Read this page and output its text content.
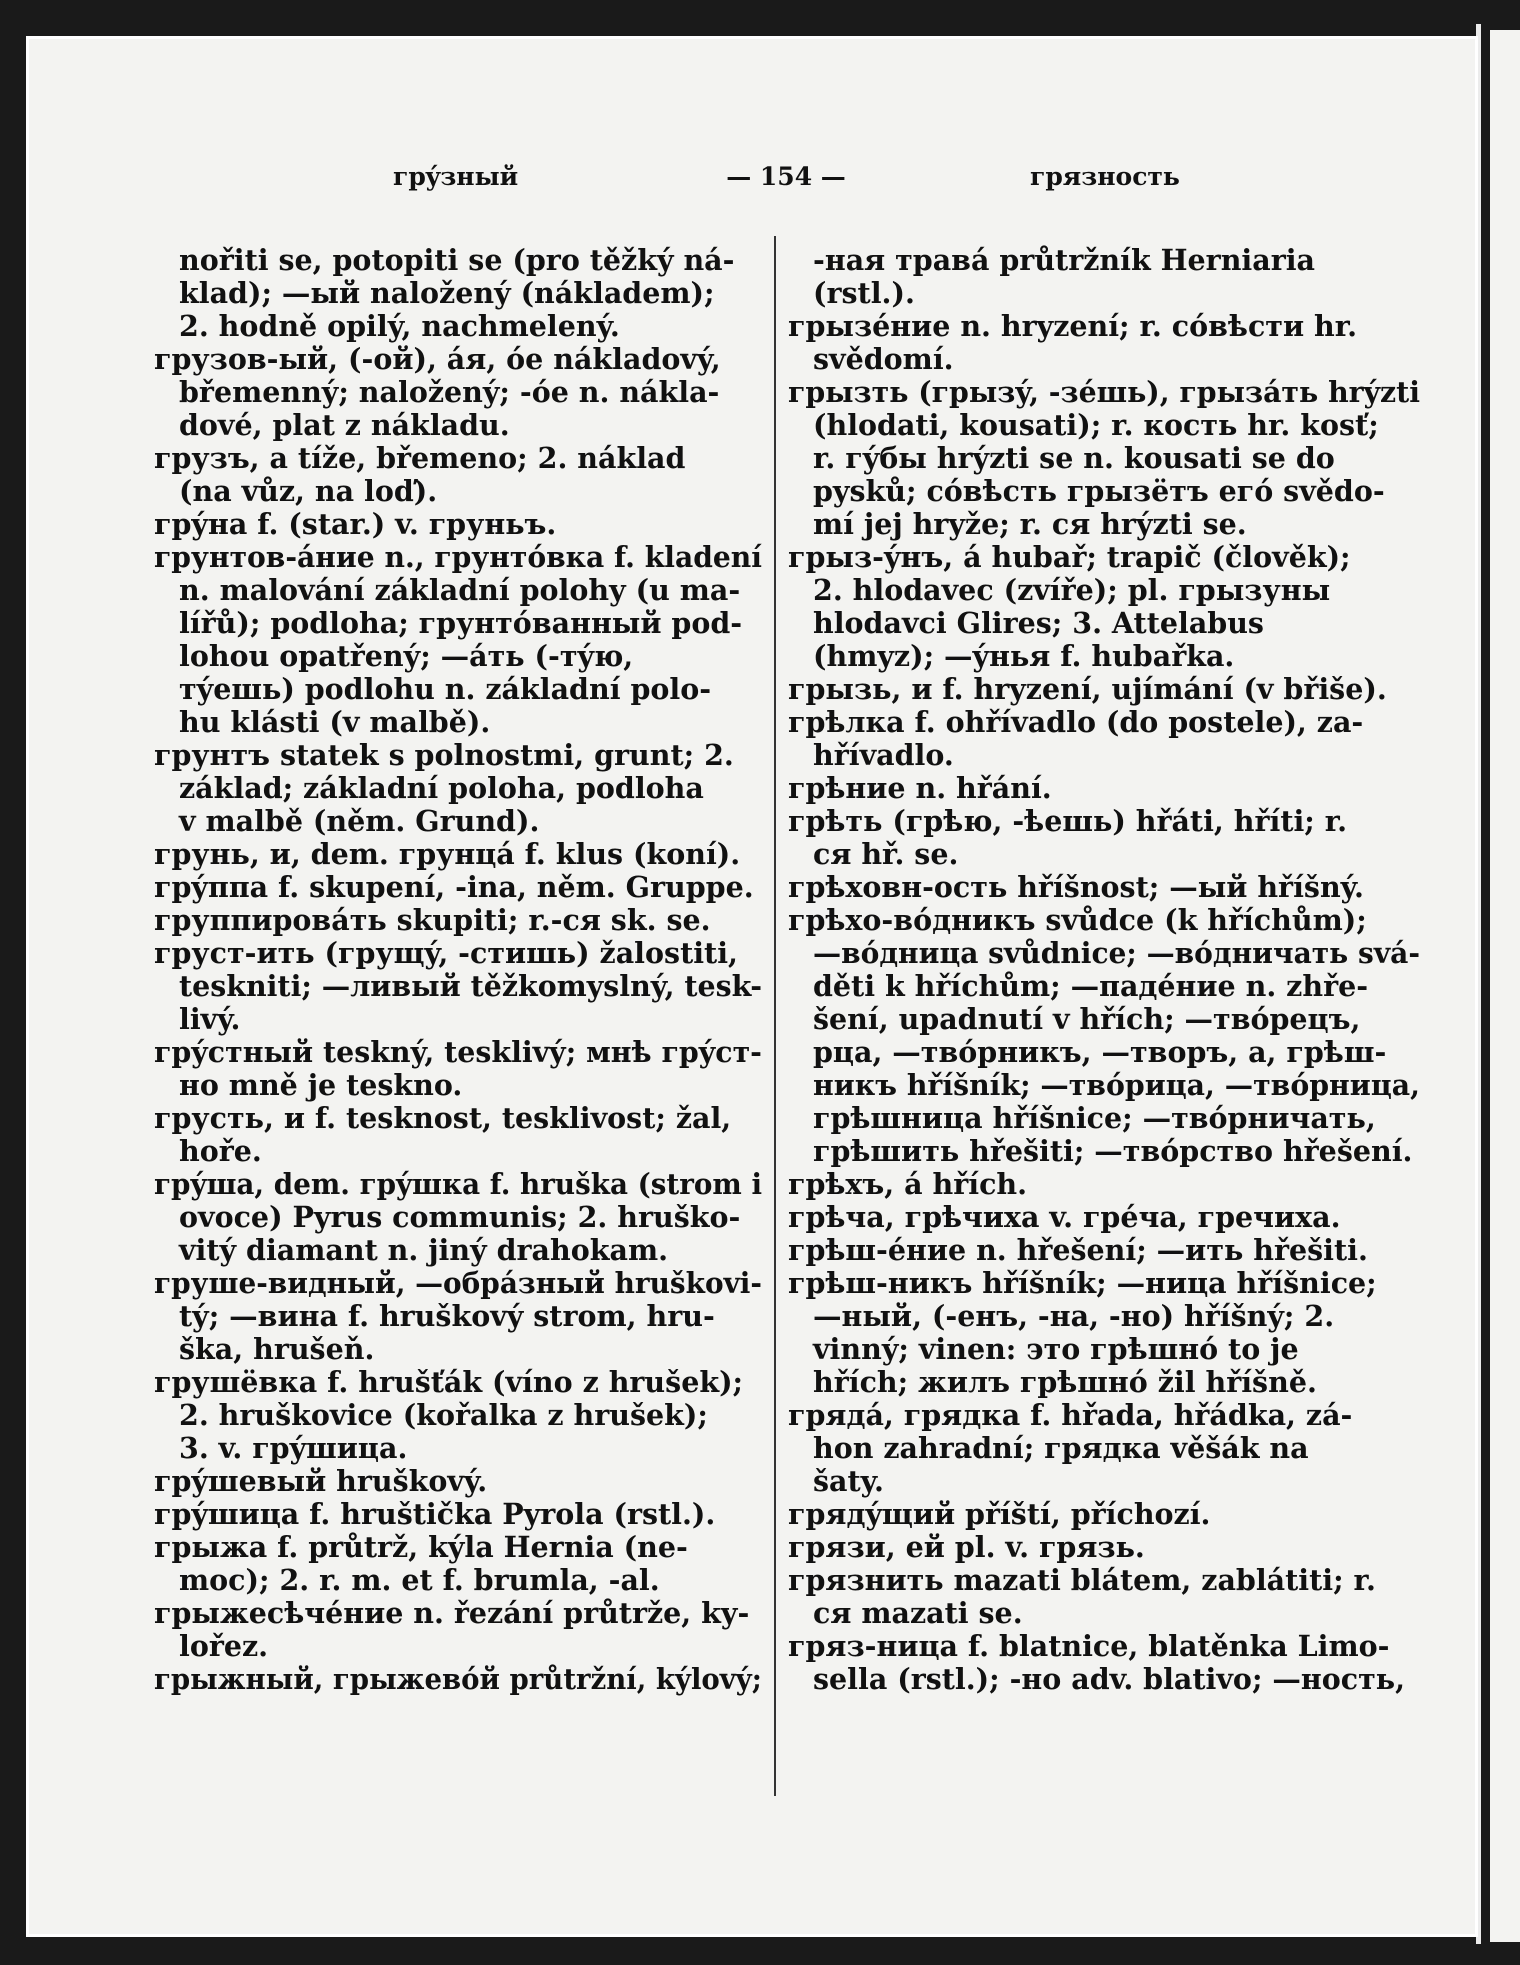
грýзный	— 154 —	грязность
nořiti se, potopiti se (pro těžký ná-
klad); —ый naložený (nákladem);
2. hodně opilý, nachmelený.
грузов-ый, (-ой), áя, óе nákladový,
břemenný; naložený; -óе n. nákla-
dové, plat z nákladu.
грузъ, а tíže, břemeno; 2. náklad
(na vůz, na loď).
грýна f. (star.) v. груньъ.
грунтов-áние n., грунтóвка f. kladení
n. malování základní polohy (u ma-
lířů); podloha; грунтóванный pod-
lohou opatřený; —áть (-тýю,
тýешь) podlohu n. základní polo-
hu klásti (v malbě).
грунтъ statek s polnostmi, grunt; 2.
základ; základní poloha, podloha
v malbě (něm. Grund).
грунь, и, dem. грунцá f. klus (koní).
грýппа f. skupení, -ina, něm. Gruppe.
группировáть skupiti; r.-ся sk. se.
груст-ить (грущý, -стишь) žalostiti,
teskniti; —ливый těžkomyslný, tesk-
livý.
грýстный teskný, tesklivý; мнѣ грýст-
но mně je teskno.
грусть, и f. tesknost, tesklivost; žal,
hoře.
грýша, dem. грýшка f. hruška (strom i
ovoce) Pyrus communis; 2. hruško-
vitý diamant n. jiný drahokam.
груше-видный, —обрáзный hruškovi-
tý; —вина f. hruškový strom, hru-
ška, hrušeň.
грушёвка f. hrušťák (víno z hrušek);
2. hruškovice (kořalka z hrušek);
3. v. грýшица.
грýшевый hruškový.
грýшица f. hruštička Pyrola (rstl.).
грыжа f. průtrž, kýla Hernia (ne-
moc); 2. r. m. et f. brumla, -al.
грыжесѣчéние n. řezání průtrže, ky-
lořez.
грыжный, грыжевóй průtržní, kýlový;
-ная травá průtržník Herniaria
(rstl.).
грызéние n. hryzení; r. сóвѣсти hr.
svědomí.
грызть (грызý, -зéшь), грызáть hrýzti
(hlodati, kousati); r. кость hr. kosť;
r. гýбы hrýzti se n. kousati se do
pysků; сóвѣсть грызётъ егó svědo-
mí jej hryže; r. ся hrýzti se.
грыз-ýнъ, á hubař; trapič (člověk);
2. hlodavec (zvíře); pl. грызуны
hlodavci Glires; 3. Attelabus
(hmyz); —ýнья f. hubařka.
грызь, и f. hryzení, ujímání (v břiše).
грѣлка f. ohřívadlo (do postele), za-
hřívadlo.
грѣние n. hřání.
грѣть (грѣю, -ѣешь) hřáti, hříti; r.
ся hř. se.
грѣховн-ость hříšnost; —ый hříšný.
грѣхо-вóдникъ svůdce (k hříchům);
—вóдница svůdnice; —вóдничать svá-
děti k hříchům; —падéние n. zhře-
šení, upadnutí v hřích; —твóрецъ,
рца, —твóрникъ, —творъ, а, грѣш-
никъ hříšník; —твóрица, —твóрница,
грѣшница hříšnice; —твóрничать,
грѣшить hřešiti; —твóрство hřešení.
грѣхъ, á hřích.
грѣча, грѣчиха v. грéча, гречиха.
грѣш-éние n. hřešení; —ить hřešiti.
грѣш-никъ hříšník; —ница hříšnice;
—ный, (-енъ, -на, -но) hříšný; 2.
vinný; vinen: это грѣшнó to je
hřích; жилъ грѣшнó žil hříšně.
грядá, грядка f. hřada, hřádka, zá-
hon zahradní; грядка věšák na
šaty.
грядýщий příští, příchozí.
грязи, ей pl. v. грязь.
грязнить mazati blátem, zablátiti; r.
ся mazati se.
гряз-ница f. blatnice, blatěnka Limo-
sella (rstl.); -но adv. blativo; —ность,
